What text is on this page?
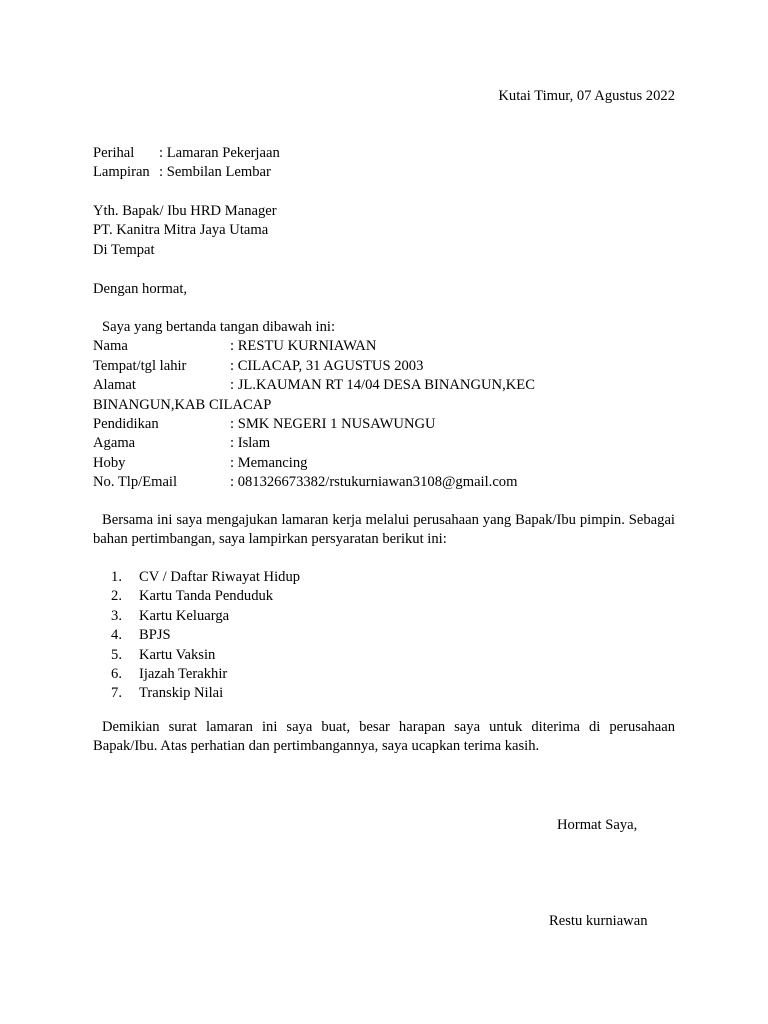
Kutai Timur, 07 Agustus 2022
Perihal : Lamaran Pekerjaan
Lampiran : Sembilan Lembar
Yth. Bapak/ Ibu HRD Manager
PT. Kanitra Mitra Jaya Utama
Di Tempat
Dengan hormat,
Saya yang bertanda tangan dibawah ini:
Nama	: RESTU KURNIAWAN
Tempat/tgl lahir	: CILACAP, 31 AGUSTUS 2003
Alamat	: JL.KAUMAN RT 14/04 DESA BINANGUN,KEC
BINANGUN,KAB CILACAP
Pendidikan	: SMK NEGERI 1 NUSAWUNGU
Agama	: Islam
Hoby	: Memancing
No. Tlp/Email	: 081326673382/rstukurniawan3108@gmail.com
Bersama ini saya mengajukan lamaran kerja melalui perusahaan yang Bapak/Ibu pimpin. Sebagai bahan pertimbangan, saya lampirkan persyaratan berikut ini:
1.	CV / Daftar Riwayat Hidup
2.	Kartu Tanda Penduduk
3.	Kartu Keluarga
4.	BPJS
5.	Kartu Vaksin
6.	Ijazah Terakhir
7.	Transkip Nilai
Demikian surat lamaran ini saya buat, besar harapan saya untuk diterima di perusahaan Bapak/Ibu. Atas perhatian dan pertimbangannya, saya ucapkan terima kasih.
Hormat Saya,
Restu kurniawan
